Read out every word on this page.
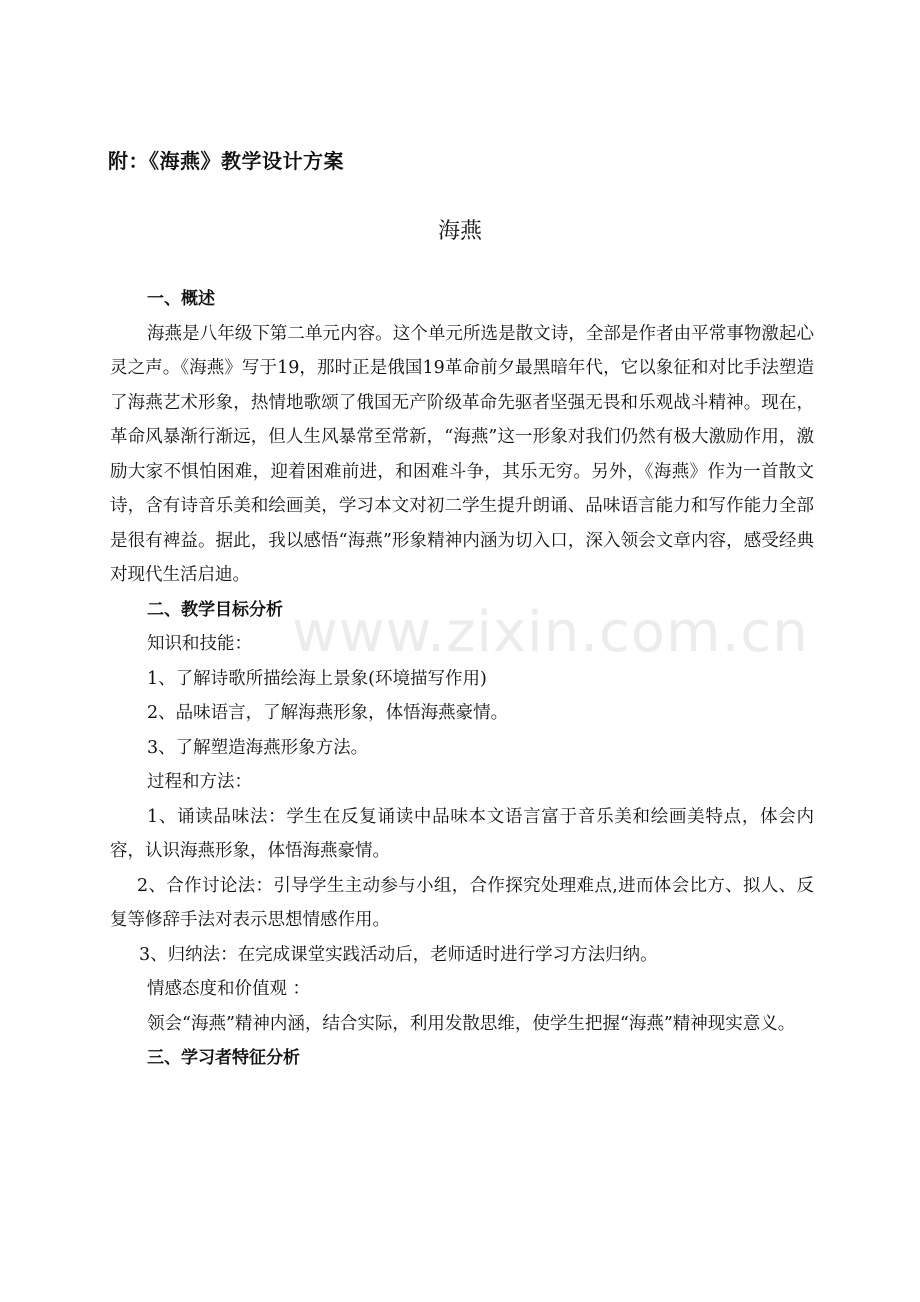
附：《海燕》教学设计方案
海燕
www.zixin.com.cn

一、概述

海燕是八年级下第二单元内容。这个单元所选是散文诗，全部是作者由平常事物激起心灵之声。《海燕》写于19，那时正是俄国19革命前夕最黑暗年代，它以象征和对比手法塑造了海燕艺术形象，热情地歌颂了俄国无产阶级革命先驱者坚强无畏和乐观战斗精神。现在，革命风暴渐行渐远，但人生风暴常至常新，“海燕”这一形象对我们仍然有极大激励作用，激励大家不惧怕困难，迎着困难前进，和困难斗争，其乐无穷。另外，《海燕》作为一首散文诗，含有诗音乐美和绘画美，学习本文对初二学生提升朗诵、品味语言能力和写作能力全部是很有裨益。据此，我以感悟“海燕”形象精神内涵为切入口，深入领会文章内容，感受经典对现代生活启迪。

二、教学目标分析

知识和技能：

1、了解诗歌所描绘海上景象(环境描写作用)

2、品味语言，了解海燕形象，体悟海燕豪情。

3、了解塑造海燕形象方法。

过程和方法：

1、诵读品味法：学生在反复诵读中品味本文语言富于音乐美和绘画美特点，体会内容，认识海燕形象，体悟海燕豪情。

2、合作讨论法：引导学生主动参与小组，合作探究处理难点,进而体会比方、拟人、反复等修辞手法对表示思想情感作用。

3、归纳法：在完成课堂实践活动后，老师适时进行学习方法归纳。

情感态度和价值观 ：

领会“海燕”精神内涵，结合实际，利用发散思维，使学生把握“海燕”精神现实意义。

三、学习者特征分析
